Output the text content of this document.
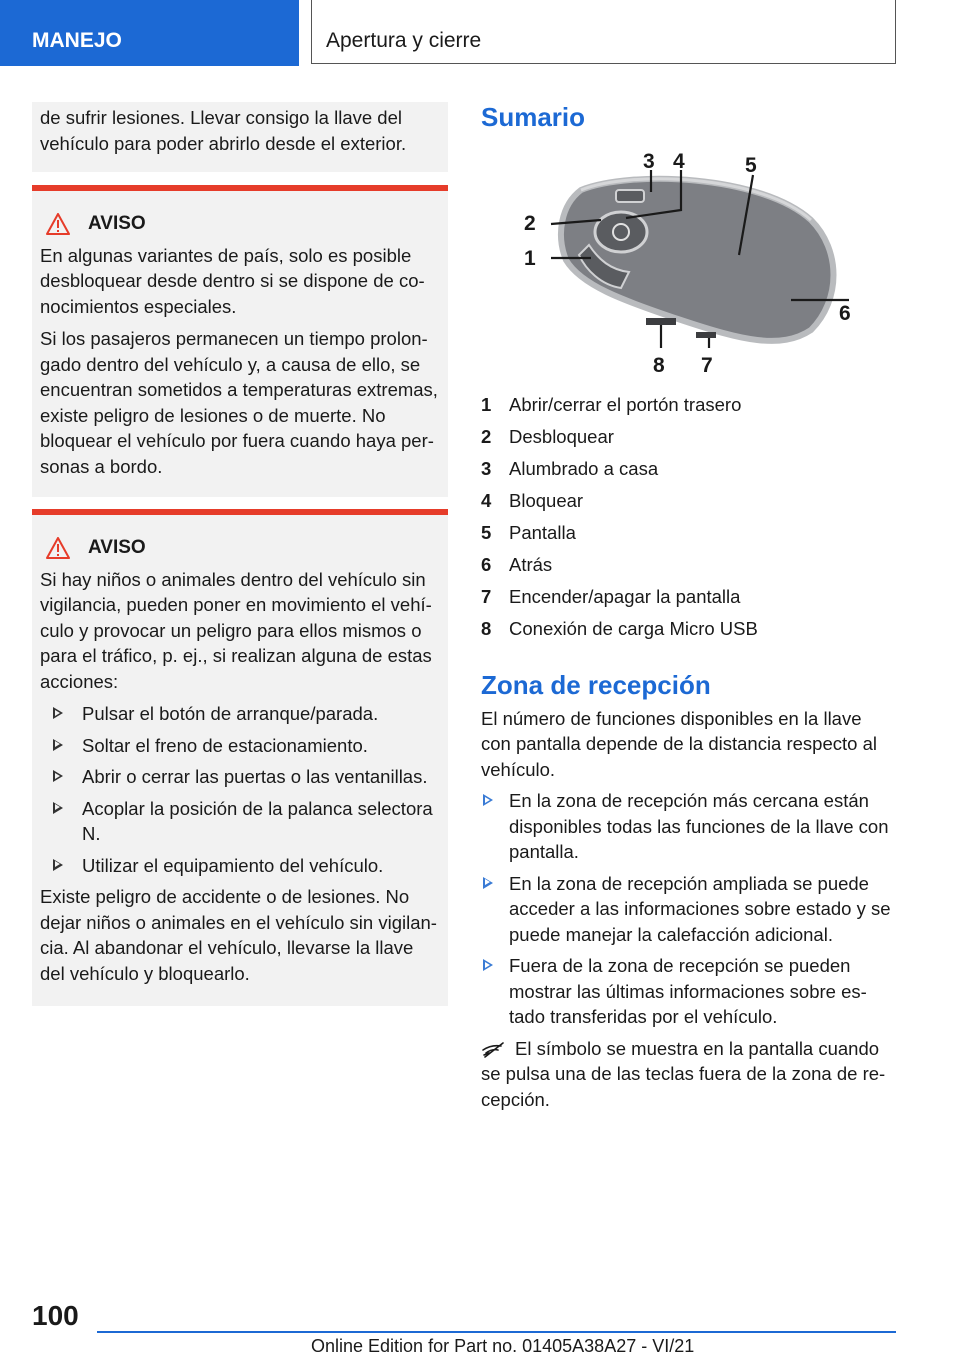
MANEJO	Apertura y cierre

de sufrir lesiones. Llevar consigo la llave del vehículo para poder abrirlo desde el exterior.

AVISO

En algunas variantes de país, solo es posible desbloquear desde dentro si se dispone de conocimientos especiales.

Si los pasajeros permanecen un tiempo prolongado dentro del vehículo y, a causa de ello, se encuentran sometidos a temperaturas extremas, existe peligro de lesiones o de muerte. No bloquear el vehículo por fuera cuando haya personas a bordo.

AVISO

Si hay niños o animales dentro del vehículo sin vigilancia, pueden poner en movimiento el vehículo y provocar un peligro para ellos mismos o para el tráfico, p. ej., si realizan alguna de estas acciones:

Pulsar el botón de arranque/parada.
Soltar el freno de estacionamiento.
Abrir o cerrar las puertas o las ventanillas.
Acoplar la posición de la palanca selectora N.
Utilizar el equipamiento del vehículo.

Existe peligro de accidente o de lesiones. No dejar niños o animales en el vehículo sin vigilancia. Al abandonar el vehículo, llevarse la llave del vehículo y bloquearlo.

Sumario
1
2
3 4	5
6
7
8
1 Abrir/cerrar el portón trasero
2 Desbloquear
3 Alumbrado a casa
4 Bloquear
5 Pantalla
6 Atrás
7 Encender/apagar la pantalla
8 Conexión de carga Micro USB
Zona de recepción

El número de funciones disponibles en la llave con pantalla depende de la distancia respecto al vehículo.

En la zona de recepción más cercana están disponibles todas las funciones de la llave con pantalla.
En la zona de recepción ampliada se puede acceder a las informaciones sobre estado y se puede manejar la calefacción adicional.
Fuera de la zona de recepción se pueden mostrar las últimas informaciones sobre estado transferidas por el vehículo.

El símbolo se muestra en la pantalla cuando se pulsa una de las teclas fuera de la zona de recepción.

100
Online Edition for Part no. 01405A38A27 - VI/21
